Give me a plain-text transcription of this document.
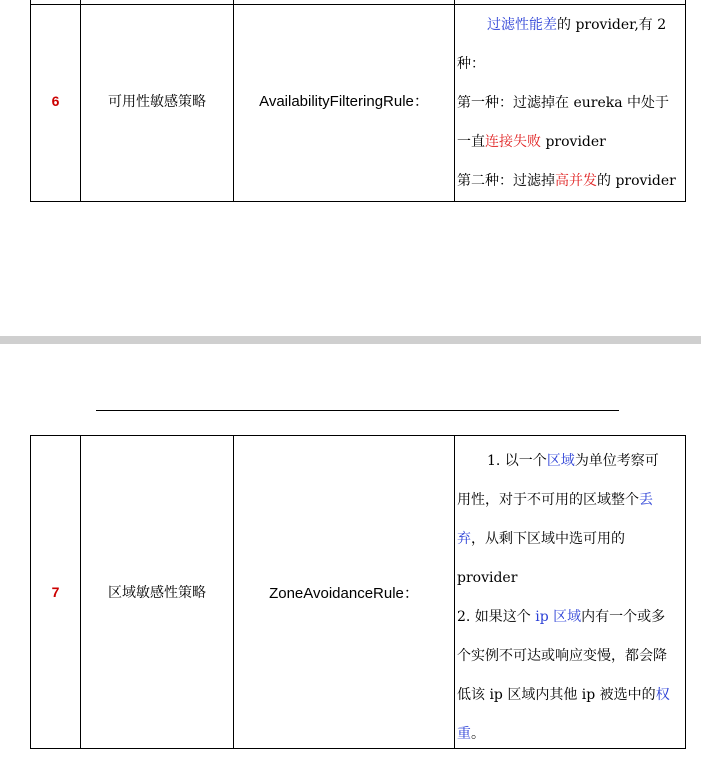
6	可用性敏感策略	AvailabilityFilteringRule：
过滤性能差的 provider,有 2
种：
第一种：过滤掉在 eureka 中处于
一直连接失败 provider
第二种：过滤掉高并发的 provider
7	区域敏感性策略	ZoneAvoidanceRule：
1. 以一个区域为单位考察可
用性，对于不可用的区域整个丢
弃，从剩下区域中选可用的
provider
2. 如果这个 ip 区域内有一个或多
个实例不可达或响应变慢，都会降
低该 ip 区域内其他 ip 被选中的权
重。
